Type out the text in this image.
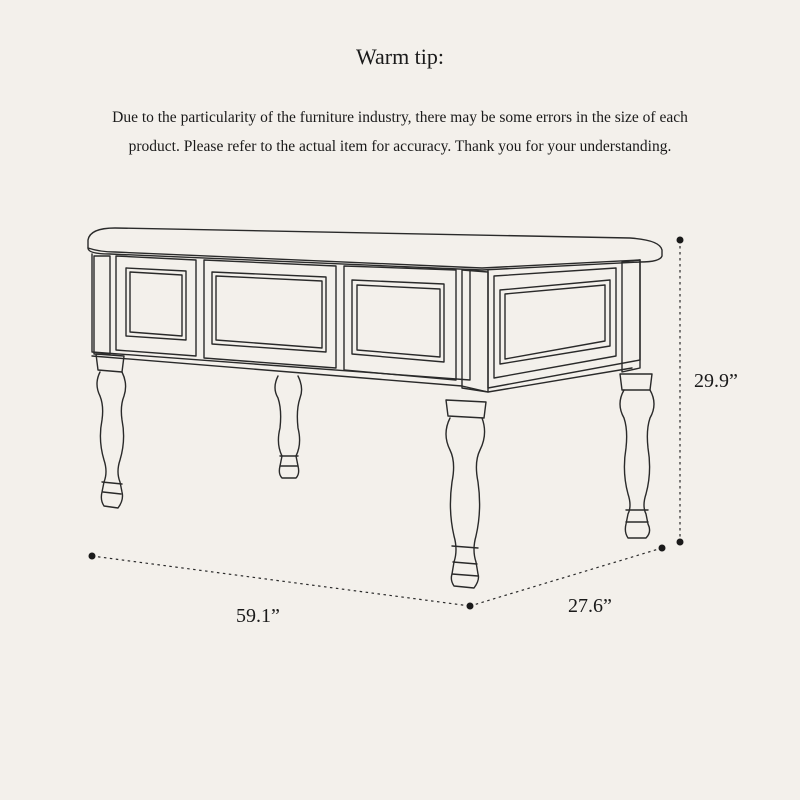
Warm tip:
Due to the particularity of the furniture industry, there may be some errors in the size of each
product. Please refer to the actual item for accuracy. Thank you for your understanding.
59.1”	27.6”
29.9”
